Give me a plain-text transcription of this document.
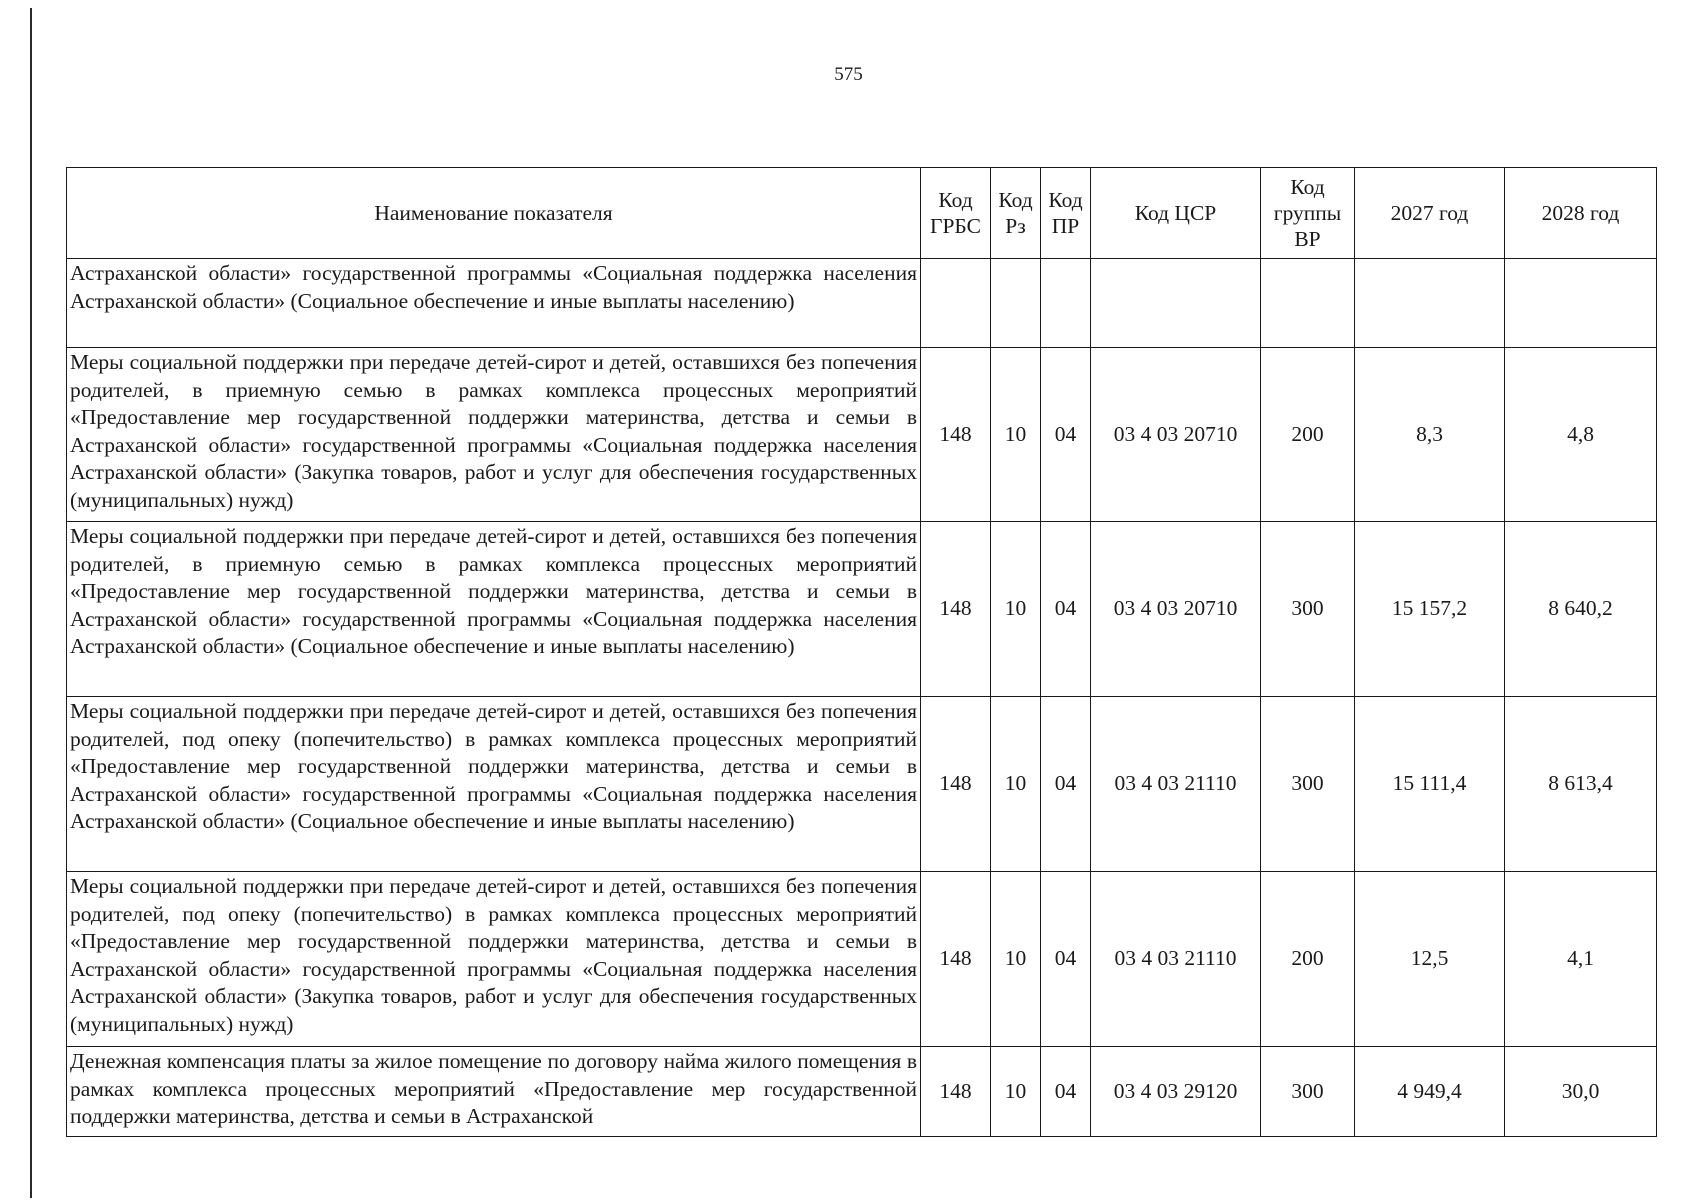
575
Наименование показателя	Код ГРБС	Код Рз	Код ПР	Код ЦСР	Код группы ВР	2027 год	2028 год
Астраханской области» государственной программы «Социальная поддержка населения Астраханской области» (Социальное обеспечение и иные выплаты населению)							
Меры социальной поддержки при передаче детей-сирот и детей, оставшихся без попечения родителей, в приемную семью в рамках комплекса процессных мероприятий «Предоставление мер государственной поддержки материнства, детства и семьи в Астраханской области» государственной программы «Социальная поддержка населения Астраханской области» (Закупка товаров, работ и услуг для обеспечения государственных (муниципальных) нужд)	148	10	04	03 4 03 20710	200	8,3	4,8
Меры социальной поддержки при передаче детей-сирот и детей, оставшихся без попечения родителей, в приемную семью в рамках комплекса процессных мероприятий «Предоставление мер государственной поддержки материнства, детства и семьи в Астраханской области» государственной программы «Социальная поддержка населения Астраханской области» (Социальное обеспечение и иные выплаты населению)	148	10	04	03 4 03 20710	300	15 157,2	8 640,2
Меры социальной поддержки при передаче детей-сирот и детей, оставшихся без попечения родителей, под опеку (попечительство) в рамках комплекса процессных мероприятий «Предоставление мер государственной поддержки материнства, детства и семьи в Астраханской области» государственной программы «Социальная поддержка населения Астраханской области» (Социальное обеспечение и иные выплаты населению)	148	10	04	03 4 03 21110	300	15 111,4	8 613,4
Меры социальной поддержки при передаче детей-сирот и детей, оставшихся без попечения родителей, под опеку (попечительство) в рамках комплекса процессных мероприятий «Предоставление мер государственной поддержки материнства, детства и семьи в Астраханской области» государственной программы «Социальная поддержка населения Астраханской области» (Закупка товаров, работ и услуг для обеспечения государственных (муниципальных) нужд)	148	10	04	03 4 03 21110	200	12,5	4,1
Денежная компенсация платы за жилое помещение по договору найма жилого помещения в рамках комплекса процессных мероприятий «Предоставление мер государственной поддержки материнства, детства и семьи в Астраханской	148	10	04	03 4 03 29120	300	4 949,4	30,0
